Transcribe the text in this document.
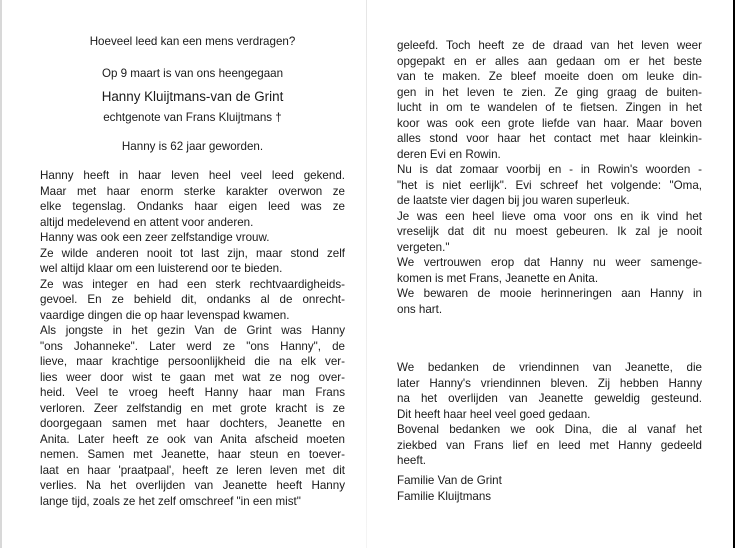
Hoeveel leed kan een mens verdragen?
Op 9 maart is van ons heengegaan
Hanny Kluijtmans-van de Grint
echtgenote van Frans Kluijtmans †
Hanny is 62 jaar geworden.
Hanny heeft in haar leven heel veel leed gekend.
Maar met haar enorm sterke karakter overwon ze
elke tegenslag. Ondanks haar eigen leed was ze
altijd medelevend en attent voor anderen.
Hanny was ook een zeer zelfstandige vrouw.
Ze wilde anderen nooit tot last zijn, maar stond zelf
wel altijd klaar om een luisterend oor te bieden.
Ze was integer en had een sterk rechtvaardigheids-
gevoel. En ze behield dit, ondanks al de onrecht-
vaardige dingen die op haar levenspad kwamen.
Als jongste in het gezin Van de Grint was Hanny
"ons Johanneke". Later werd ze "ons Hanny", de
lieve, maar krachtige persoonlijkheid die na elk ver-
lies weer door wist te gaan met wat ze nog over-
heid. Veel te vroeg heeft Hanny haar man Frans
verloren. Zeer zelfstandig en met grote kracht is ze
doorgegaan samen met haar dochters, Jeanette en
Anita. Later heeft ze ook van Anita afscheid moeten
nemen. Samen met Jeanette, haar steun en toever-
laat en haar 'praatpaal', heeft ze leren leven met dit
verlies. Na het overlijden van Jeanette heeft Hanny
lange tijd, zoals ze het zelf omschreef "in een mist"
geleefd. Toch heeft ze de draad van het leven weer
opgepakt en er alles aan gedaan om er het beste
van te maken. Ze bleef moeite doen om leuke din-
gen in het leven te zien. Ze ging graag de buiten-
lucht in om te wandelen of te fietsen. Zingen in het
koor was ook een grote liefde van haar. Maar boven
alles stond voor haar het contact met haar kleinkin-
deren Evi en Rowin.
Nu is dat zomaar voorbij en - in Rowin's woorden -
"het is niet eerlijk". Evi schreef het volgende: "Oma,
de laatste vier dagen bij jou waren superleuk.
Je was een heel lieve oma voor ons en ik vind het
vreselijk dat dit nu moest gebeuren. Ik zal je nooit
vergeten."
We vertrouwen erop dat Hanny nu weer samenge-
komen is met Frans, Jeanette en Anita.
We bewaren de mooie herinneringen aan Hanny in
ons hart.
We bedanken de vriendinnen van Jeanette, die
later Hanny's vriendinnen bleven. Zij hebben Hanny
na het overlijden van Jeanette geweldig gesteund.
Dit heeft haar heel veel goed gedaan.
Bovenal bedanken we ook Dina, die al vanaf het
ziekbed van Frans lief en leed met Hanny gedeeld
heeft.
Familie Van de Grint
Familie Kluijtmans
